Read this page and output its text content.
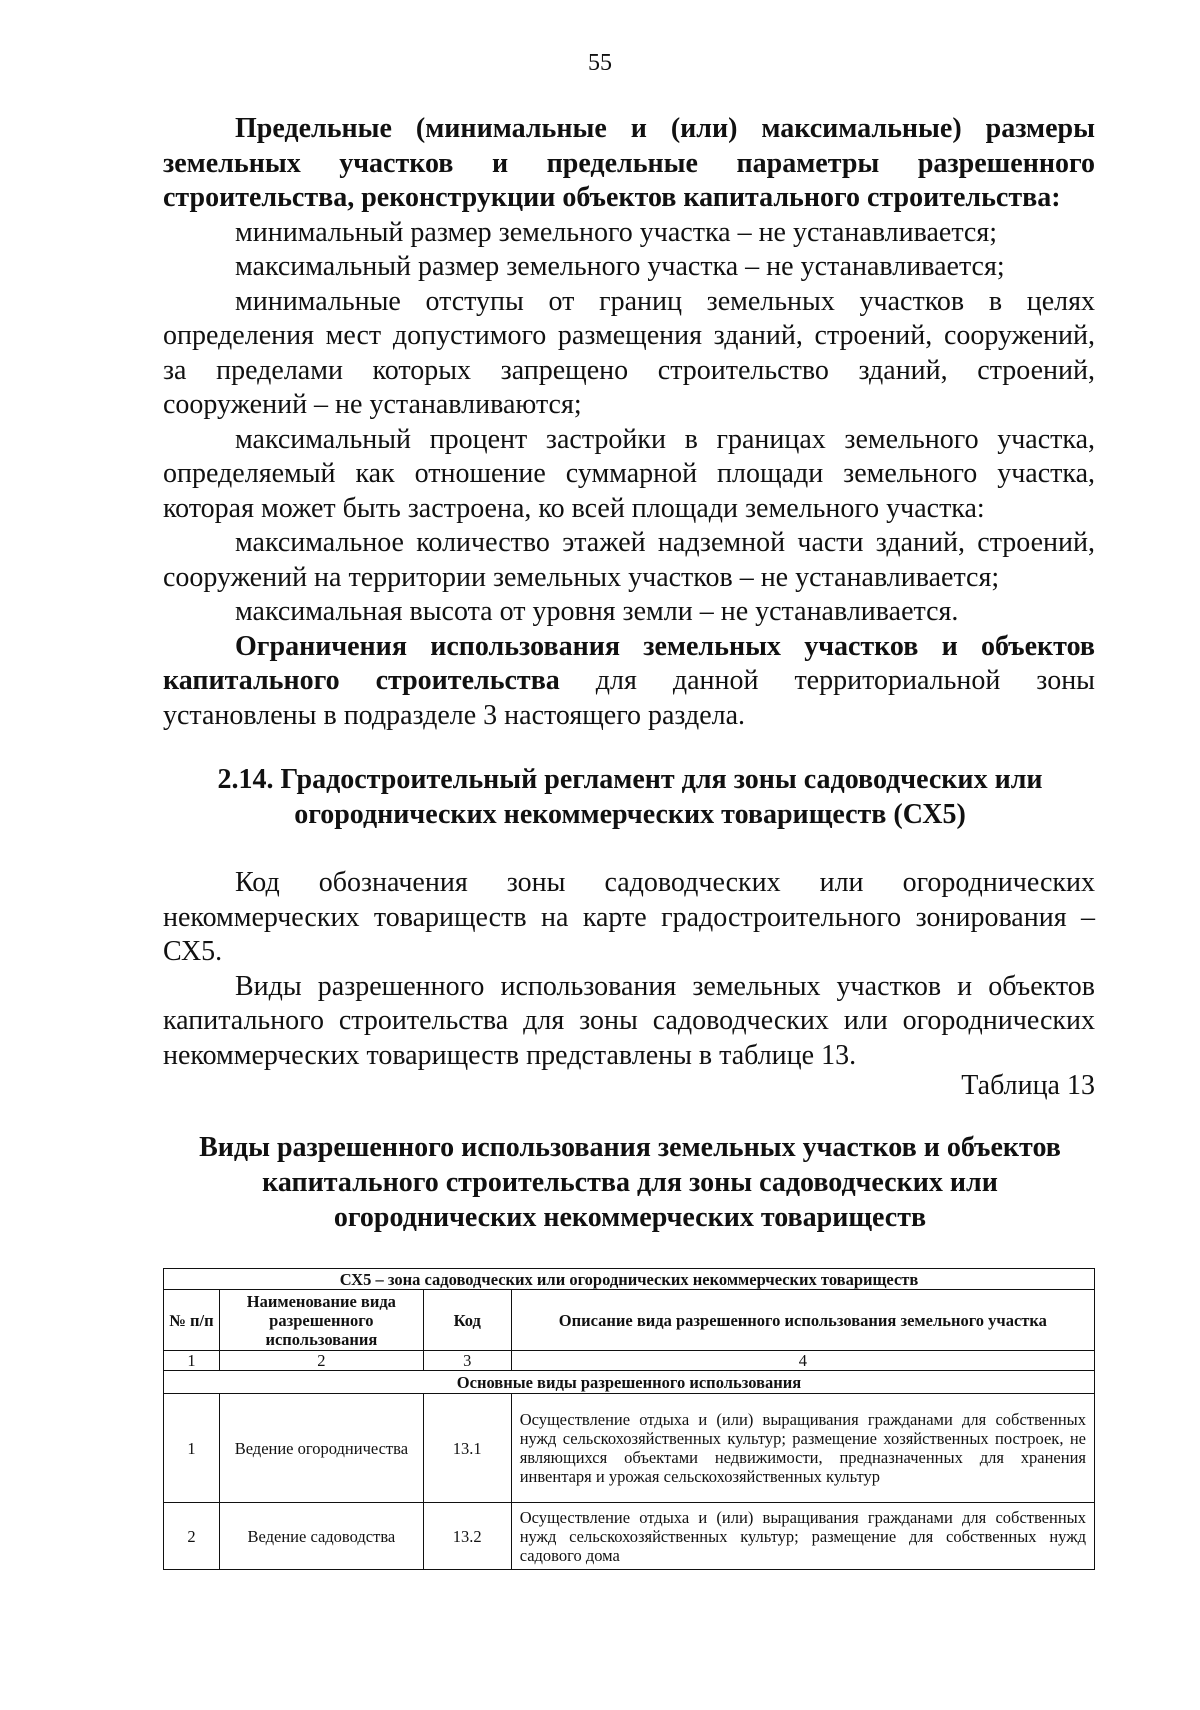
55

Предельные (минимальные и (или) максимальные) размеры земельных участков и предельные параметры разрешенного строительства, реконструкции объектов капитального строительства:

минимальный размер земельного участка – не устанавливается;

максимальный размер земельного участка – не устанавливается;

минимальные отступы от границ земельных участков в целях определения мест допустимого размещения зданий, строений, сооружений, за пределами которых запрещено строительство зданий, строений, сооружений – не устанавливаются;

максимальный процент застройки в границах земельного участка, определяемый как отношение суммарной площади земельного участка, которая может быть застроена, ко всей площади земельного участка:

максимальное количество этажей надземной части зданий, строений, сооружений на территории земельных участков – не устанавливается;

максимальная высота от уровня земли – не устанавливается.

Ограничения использования земельных участков и объектов капитального строительства для данной территориальной зоны установлены в подразделе 3 настоящего раздела.

2.14. Градостроительный регламент для зоны садоводческих или
огороднических некоммерческих товариществ (СХ5)

Код обозначения зоны садоводческих или огороднических некоммерческих товариществ на карте градостроительного зонирования – СХ5.

Виды разрешенного использования земельных участков и объектов капитального строительства для зоны садоводческих или огороднических некоммерческих товариществ представлены в таблице 13.

Таблица 13
Виды разрешенного использования земельных участков и объектов
капитального строительства для зоны садоводческих или
огороднических некоммерческих товариществ
СХ5 – зона садоводческих или огороднических некоммерческих товариществ			
№ п/п	Наименование вида разрешенного использования	Код	Описание вида разрешенного использования земельного участка
1	2	3	4
Основные виды разрешенного использования			
1	Ведение огородничества	13.1	Осуществление отдыха и (или) выращивания гражданами для собственных нужд сельскохозяйственных культур; размещение хозяйственных построек, не являющихся объектами недвижимости, предназначенных для хранения инвентаря и урожая сельскохозяйственных культур
2	Ведение садоводства	13.2	Осуществление отдыха и (или) выращивания гражданами для собственных нужд сельскохозяйственных культур; размещение для собственных нужд садового дома
